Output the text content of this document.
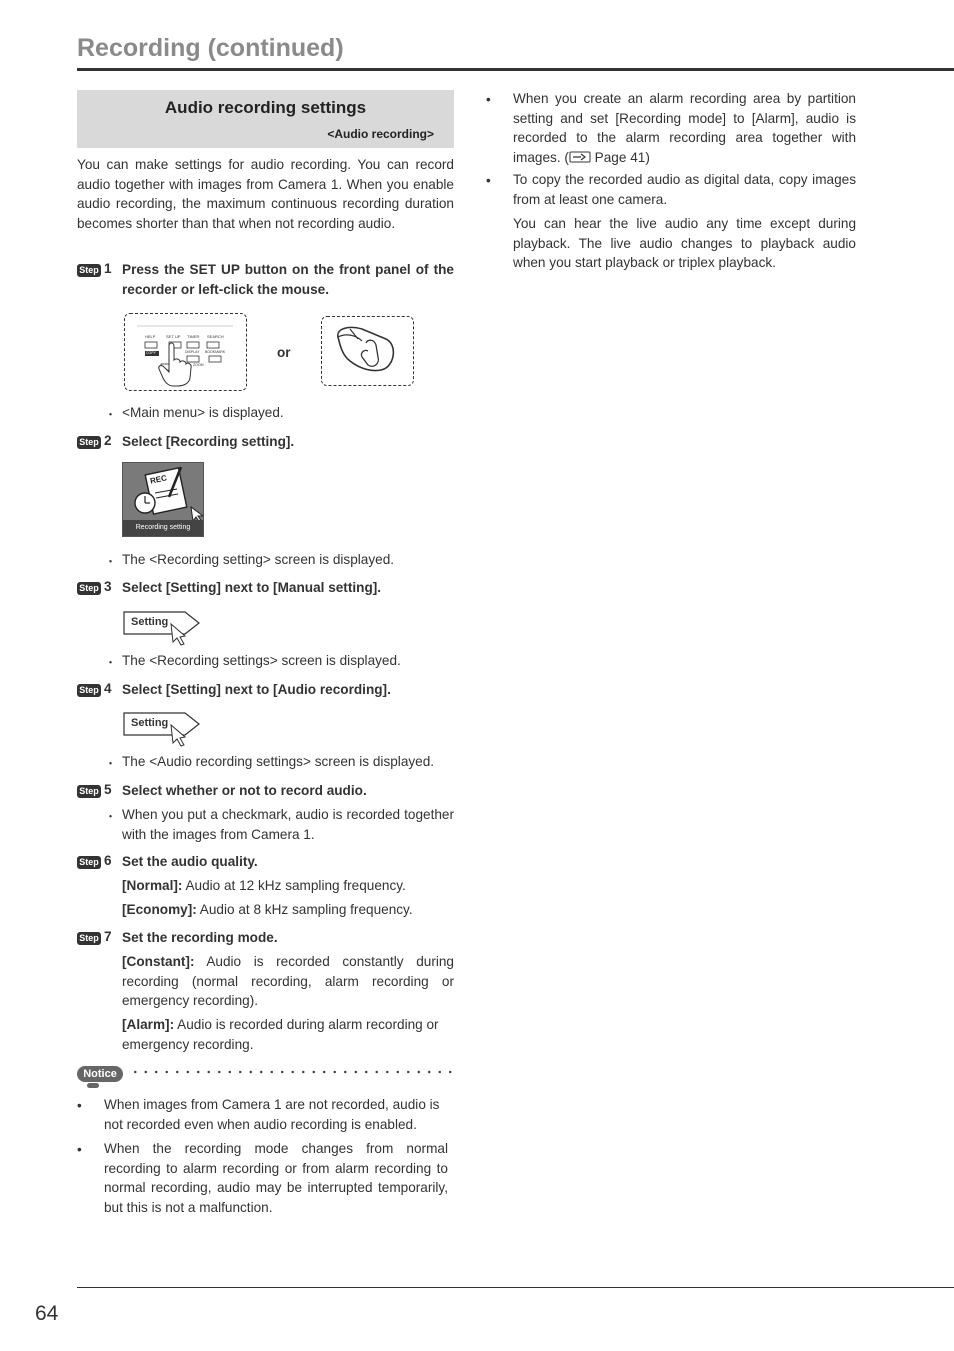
Recording (continued)
Audio recording settings
<Audio recording>

You can make settings for audio recording. You can record audio together with images from Camera 1. When you enable audio recording, the maximum continuous recording duration becomes shorter than that when not recording audio.

Step 1 Press the SET UP button on the front panel of the recorder or left-click the mouse.
HELP	SET UP TIMER SEARCH
COPY	DISPLAY BOOKMARK
ZOOM
or
・ <Main menu> is displayed.
Step 2 Select [Recording setting].
REC
Recording setting
・ The <Recording setting> screen is displayed.
Step 3 Select [Setting] next to [Manual setting].
Setting
・ The <Recording settings> screen is displayed.
Step 4 Select [Setting] next to [Audio recording].
Setting
・ The <Audio recording settings> screen is displayed.
Step 5 Select whether or not to record audio.
・ When you put a checkmark, audio is recorded together with the images from Camera 1.
Step 6 Set the audio quality.
[Normal]: Audio at 12 kHz sampling frequency.
[Economy]: Audio at 8 kHz sampling frequency.
Step 7 Set the recording mode.
[Constant]: Audio is recorded constantly during recording (normal recording, alarm recording or emergency recording).
[Alarm]: Audio is recorded during alarm recording or emergency recording.
Notice
• When images from Camera 1 are not recorded, audio is not recorded even when audio recording is enabled.
• When the recording mode changes from normal recording to alarm recording or from alarm recording to normal recording, audio may be interrupted temporarily, but this is not a malfunction.
• When you create an alarm recording area by partition setting and set [Recording mode] to [Alarm], audio is recorded to the alarm recording area together with images. ( Page 41)
• To copy the recorded audio as digital data, copy images from at least one camera.
You can hear the live audio any time except during playback. The live audio changes to playback audio when you start playback or triplex playback.
64
